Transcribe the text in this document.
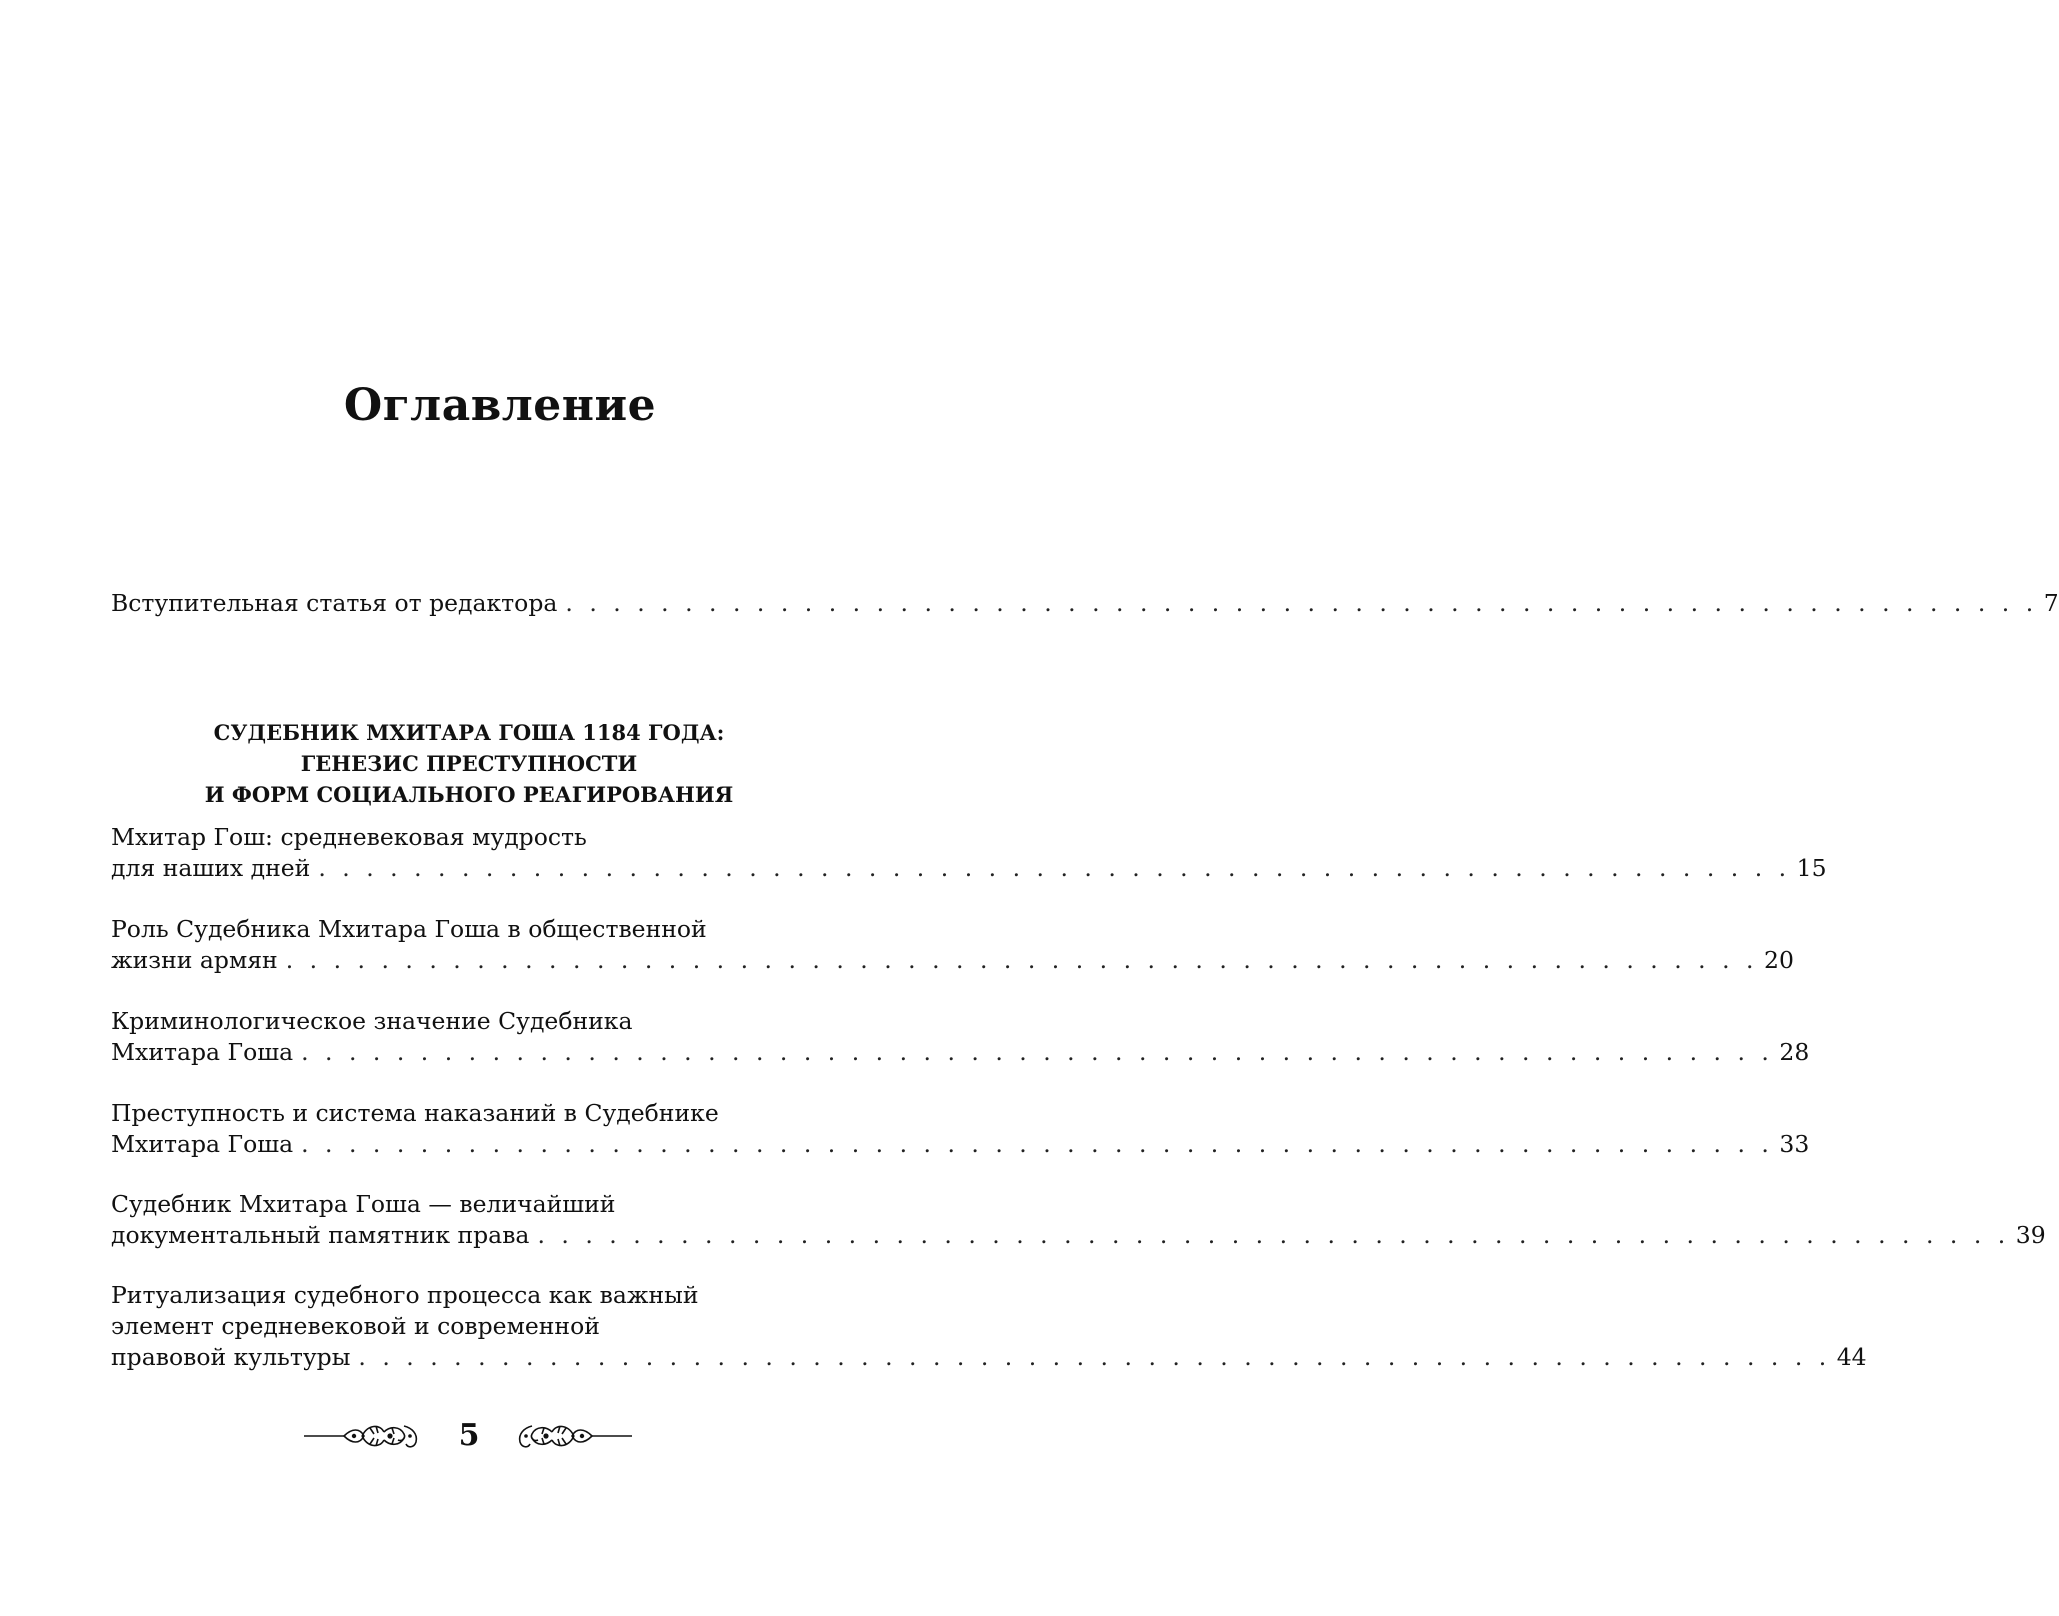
Оглавление
Вступительная статья от редактора . . . . . . . . . . . . . . . . . . . . . . . . . . . . . . . . . . . . . . . . . . . . . . . . . . . . . . . . . . . . . . 7
Мхитар Гош: средневековая мудрость
для наших дней . . . . . . . . . . . . . . . . . . . . . . . . . . . . . . . . . . . . . . . . . . . . . . . . . . . . . . . . . . . . . . 15
Роль Судебника Мхитара Гоша в общественной
жизни армян . . . . . . . . . . . . . . . . . . . . . . . . . . . . . . . . . . . . . . . . . . . . . . . . . . . . . . . . . . . . . . 20
Криминологическое значение Судебника
Мхитара Гоша . . . . . . . . . . . . . . . . . . . . . . . . . . . . . . . . . . . . . . . . . . . . . . . . . . . . . . . . . . . . . . 28
Преступность и система наказаний в Судебнике
Мхитара Гоша . . . . . . . . . . . . . . . . . . . . . . . . . . . . . . . . . . . . . . . . . . . . . . . . . . . . . . . . . . . . . . 33
Судебник Мхитара Гоша — величайший
документальный памятник права . . . . . . . . . . . . . . . . . . . . . . . . . . . . . . . . . . . . . . . . . . . . . . . . . . . . . . . . . . . . . . 39
Ритуализация судебного процесса как важный
элемент средневековой и современной
правовой культуры . . . . . . . . . . . . . . . . . . . . . . . . . . . . . . . . . . . . . . . . . . . . . . . . . . . . . . . . . . . . . . 44
СУДЕБНИК МХИТАРА ГОША 1184 ГОДА:
ГЕНЕЗИС ПРЕСТУПНОСТИ
И ФОРМ СОЦИАЛЬНОГО РЕАГИРОВАНИЯ
5
